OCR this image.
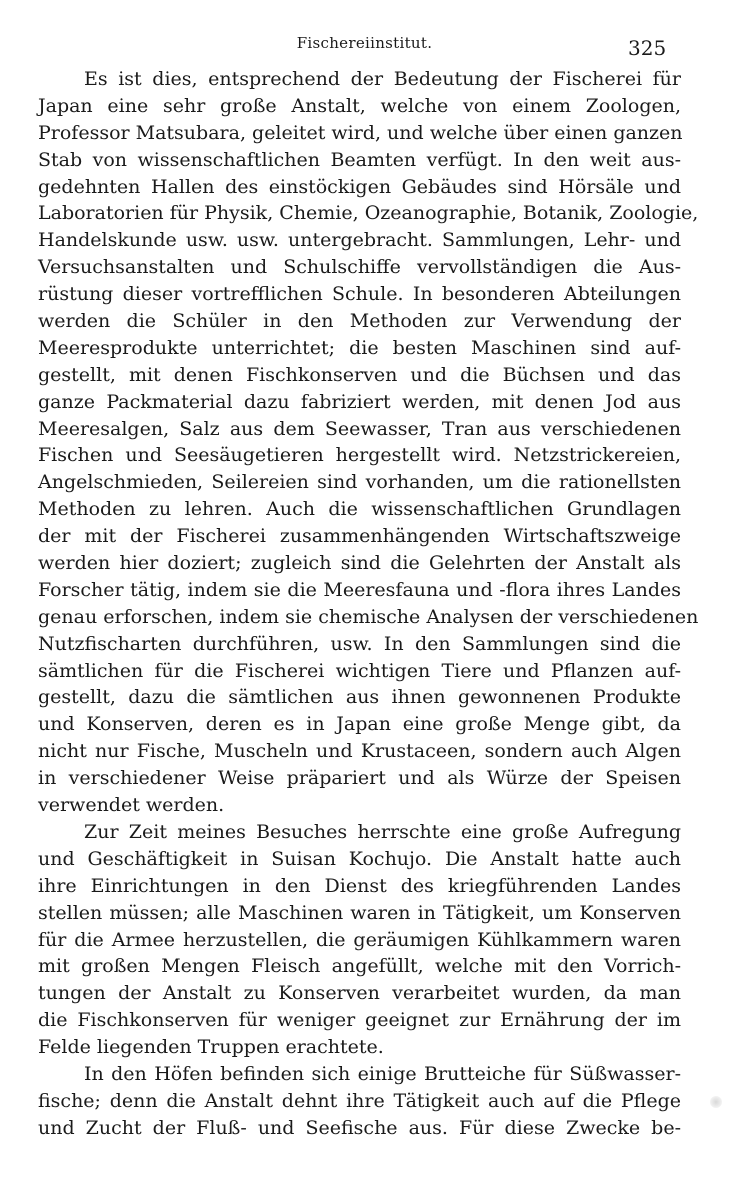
Fischereiinstitut.	325
Es ist dies, entsprechend der Bedeutung der Fischerei für
Japan eine sehr große Anstalt, welche von einem Zoologen,
Professor Matsubara, geleitet wird, und welche über einen ganzen
Stab von wissenschaftlichen Beamten verfügt. In den weit aus-
gedehnten Hallen des einstöckigen Gebäudes sind Hörsäle und
Laboratorien für Physik, Chemie, Ozeanographie, Botanik, Zoologie,
Handelskunde usw. usw. untergebracht. Sammlungen, Lehr- und
Versuchsanstalten und Schulschiffe vervollständigen die Aus-
rüstung dieser vortrefflichen Schule. In besonderen Abteilungen
werden die Schüler in den Methoden zur Verwendung der
Meeresprodukte unterrichtet; die besten Maschinen sind auf-
gestellt, mit denen Fischkonserven und die Büchsen und das
ganze Packmaterial dazu fabriziert werden, mit denen Jod aus
Meeresalgen, Salz aus dem Seewasser, Tran aus verschiedenen
Fischen und Seesäugetieren hergestellt wird. Netzstrickereien,
Angelschmieden, Seilereien sind vorhanden, um die rationellsten
Methoden zu lehren. Auch die wissenschaftlichen Grundlagen
der mit der Fischerei zusammenhängenden Wirtschaftszweige
werden hier doziert; zugleich sind die Gelehrten der Anstalt als
Forscher tätig, indem sie die Meeresfauna und -flora ihres Landes
genau erforschen, indem sie chemische Analysen der verschiedenen
Nutzfischarten durchführen, usw. In den Sammlungen sind die
sämtlichen für die Fischerei wichtigen Tiere und Pflanzen auf-
gestellt, dazu die sämtlichen aus ihnen gewonnenen Produkte
und Konserven, deren es in Japan eine große Menge gibt, da
nicht nur Fische, Muscheln und Krustaceen, sondern auch Algen
in verschiedener Weise präpariert und als Würze der Speisen
verwendet werden.
Zur Zeit meines Besuches herrschte eine große Aufregung
und Geschäftigkeit in Suisan Kochujo. Die Anstalt hatte auch
ihre Einrichtungen in den Dienst des kriegführenden Landes
stellen müssen; alle Maschinen waren in Tätigkeit, um Konserven
für die Armee herzustellen, die geräumigen Kühlkammern waren
mit großen Mengen Fleisch angefüllt, welche mit den Vorrich-
tungen der Anstalt zu Konserven verarbeitet wurden, da man
die Fischkonserven für weniger geeignet zur Ernährung der im
Felde liegenden Truppen erachtete.
In den Höfen befinden sich einige Brutteiche für Süßwasser-
fische; denn die Anstalt dehnt ihre Tätigkeit auch auf die Pflege
und Zucht der Fluß- und Seefische aus. Für diese Zwecke be-
